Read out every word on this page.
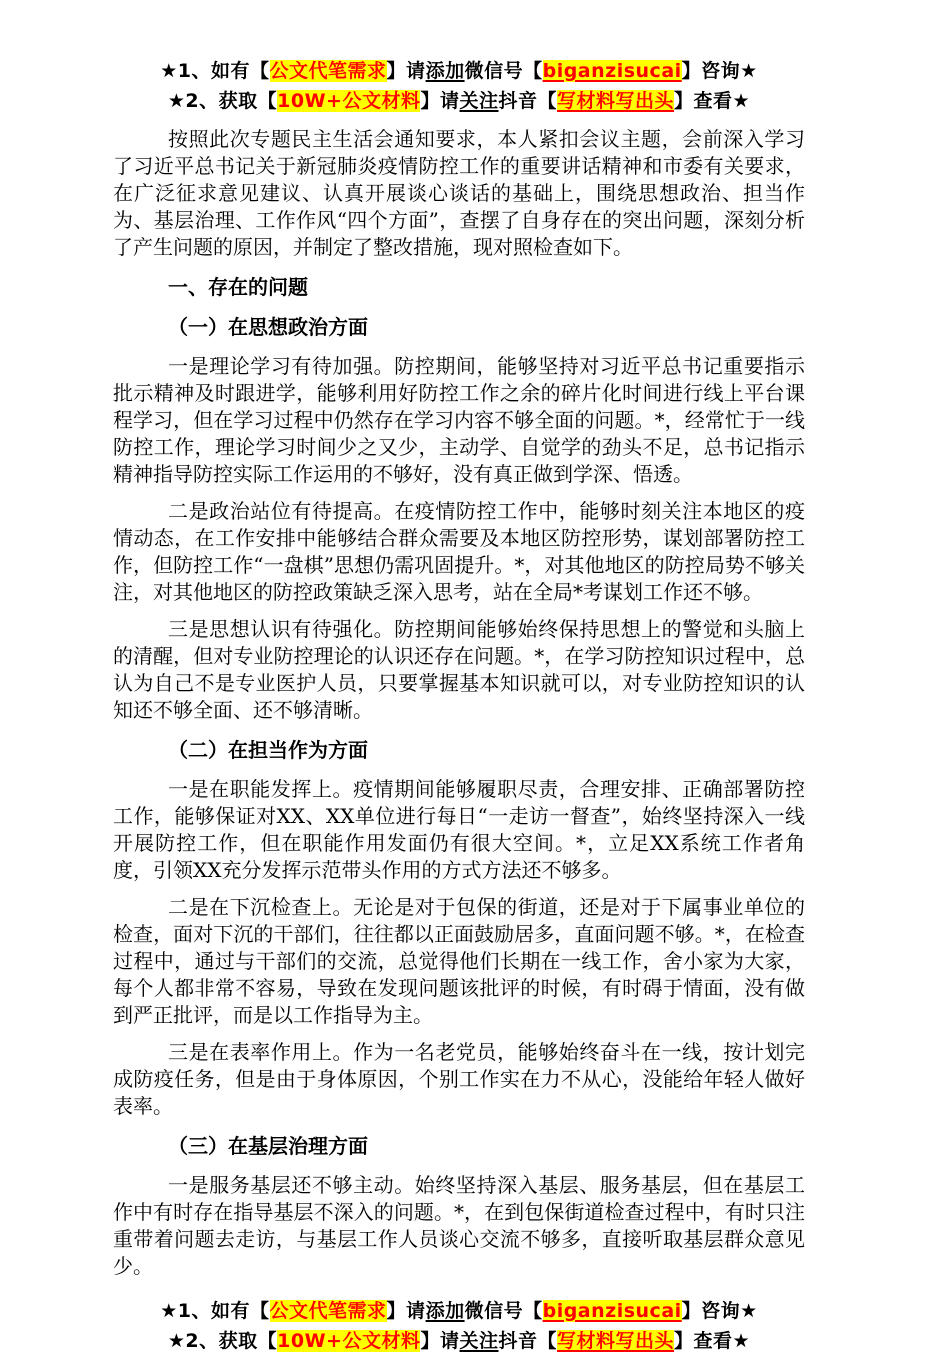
★1、如有【公文代笔需求】请添加微信号【biganzisucai】咨询★

★2、获取【10W+公文材料】请关注抖音【写材料写出头】查看★

按照此次专题民主生活会通知要求，本人紧扣会议主题，会前深入学习了习近平总书记关于新冠肺炎疫情防控工作的重要讲话精神和市委有关要求，在广泛征求意见建议、认真开展谈心谈话的基础上，围绕思想政治、担当作为、基层治理、工作作风“四个方面”，查摆了自身存在的突出问题，深刻分析了产生问题的原因，并制定了整改措施，现对照检查如下。

一、存在的问题
（一）在思想政治方面

一是理论学习有待加强。防控期间，能够坚持对习近平总书记重要指示批示精神及时跟进学，能够利用好防控工作之余的碎片化时间进行线上平台课程学习，但在学习过程中仍然存在学习内容不够全面的问题。*，经常忙于一线防控工作，理论学习时间少之又少，主动学、自觉学的劲头不足，总书记指示精神指导防控实际工作运用的不够好，没有真正做到学深、悟透。

二是政治站位有待提高。在疫情防控工作中，能够时刻关注本地区的疫情动态，在工作安排中能够结合群众需要及本地区防控形势，谋划部署防控工作，但防控工作“一盘棋”思想仍需巩固提升。*，对其他地区的防控局势不够关注，对其他地区的防控政策缺乏深入思考，站在全局*考谋划工作还不够。

三是思想认识有待强化。防控期间能够始终保持思想上的警觉和头脑上的清醒，但对专业防控理论的认识还存在问题。*，在学习防控知识过程中，总认为自己不是专业医护人员，只要掌握基本知识就可以，对专业防控知识的认知还不够全面、还不够清晰。

（二）在担当作为方面

一是在职能发挥上。疫情期间能够履职尽责，合理安排、正确部署防控工作，能够保证对XX、XX单位进行每日“一走访一督查”，始终坚持深入一线开展防控工作，但在职能作用发面仍有很大空间。*，立足XX系统工作者角度，引领XX充分发挥示范带头作用的方式方法还不够多。

二是在下沉检查上。无论是对于包保的街道，还是对于下属事业单位的检查，面对下沉的干部们，往往都以正面鼓励居多，直面问题不够。*，在检查过程中，通过与干部们的交流，总觉得他们长期在一线工作，舍小家为大家，每个人都非常不容易，导致在发现问题该批评的时候，有时碍于情面，没有做到严正批评，而是以工作指导为主。

三是在表率作用上。作为一名老党员，能够始终奋斗在一线，按计划完成防疫任务，但是由于身体原因，个别工作实在力不从心，没能给年轻人做好表率。

（三）在基层治理方面

一是服务基层还不够主动。始终坚持深入基层、服务基层，但在基层工作中有时存在指导基层不深入的问题。*，在到包保街道检查过程中，有时只注重带着问题去走访，与基层工作人员谈心交流不够多，直接听取基层群众意见少。

★1、如有【公文代笔需求】请添加微信号【biganzisucai】咨询★

★2、获取【10W+公文材料】请关注抖音【写材料写出头】查看★
